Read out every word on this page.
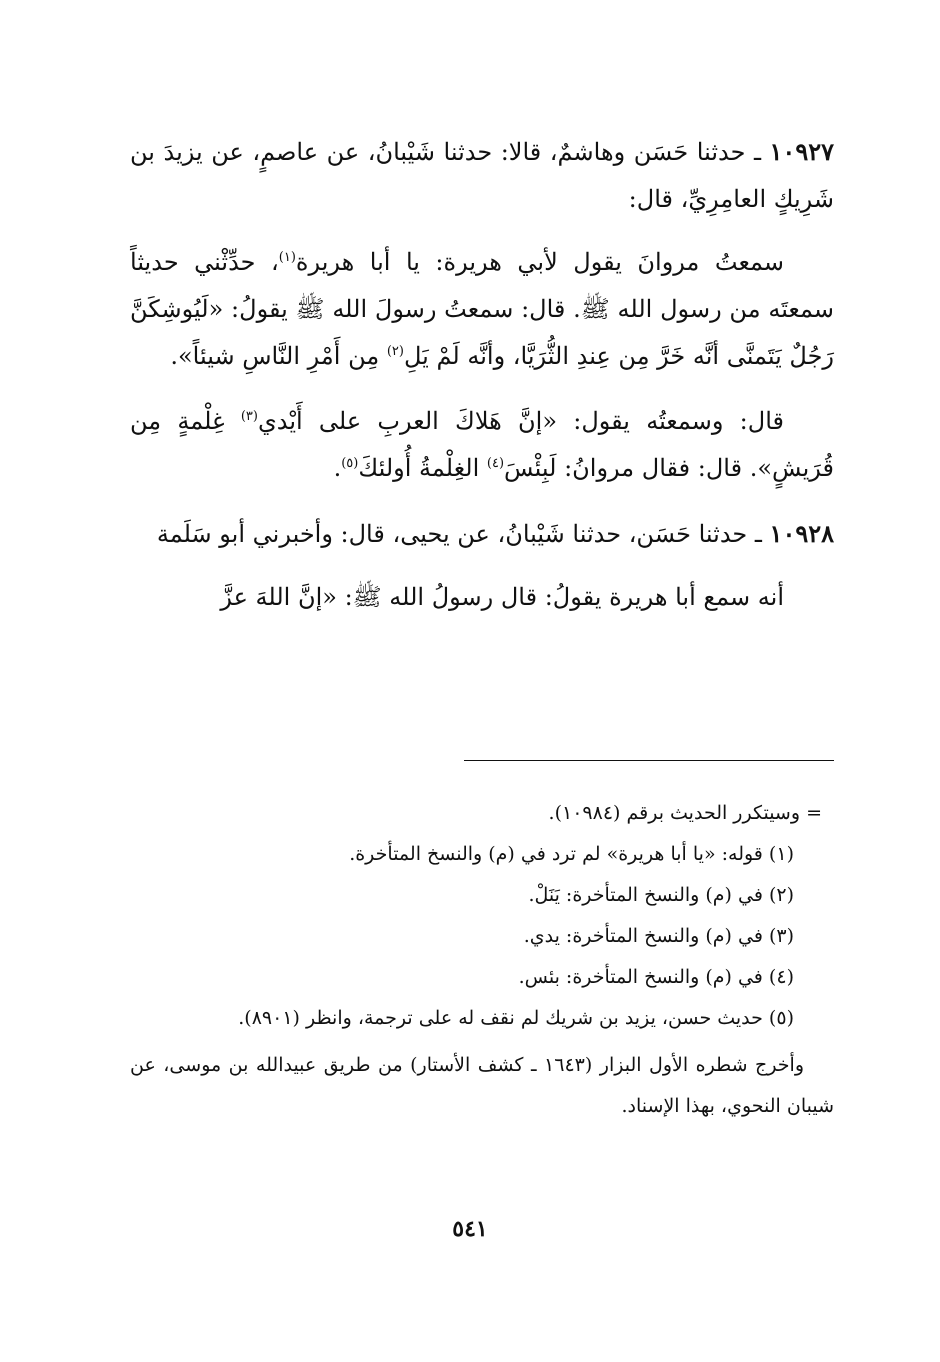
١٠٩٢٧ ـ حدثنا حَسَن وهاشمٌ، قالا: حدثنا شَيْبانُ، عن عاصمٍ، عن يزيدَ بن شَرِيكٍ العامِرِيِّ، قال:

سمعتُ مروانَ يقول لأبي هريرة: يا أبا هريرة$^{(١)}$، حدِّثْني حديثاً سمعتَه من رسول الله ﷺ. قال: سمعتُ رسولَ الله ﷺ يقولُ: «لَيُوشِكَنَّ رَجُلٌ يَتَمنَّى أنَّه خَرَّ مِن عِندِ الثُّرَيَّا، وأنَّه لَمْ يَلِ$^{(٢)}$ مِن أَمْرِ النَّاسِ شيئاً».

قال: وسمعتُه يقول: «إنَّ هَلاكَ العربِ على أَيْدي$^{(٣)}$ غِلْمةٍ مِن قُرَيشٍ». قال: فقال مروانُ: لَبِئْسَ$^{(٤)}$ الغِلْمةُ أُولئكَ$^{(٥)}$.

١٠٩٢٨ ـ حدثنا حَسَن، حدثنا شَيْبانُ، عن يحيى، قال: وأخبرني أبو سَلَمة

أنه سمع أبا هريرة يقولُ: قال رسولُ الله ﷺ: «إنَّ اللهَ عزَّ

= وسيتكرر الحديث برقم (١٠٩٨٤).

(١) قوله: «يا أبا هريرة» لم ترد في (م) والنسخ المتأخرة.

(٢) في (م) والنسخ المتأخرة: يَنَلْ.

(٣) في (م) والنسخ المتأخرة: يدي.

(٤) في (م) والنسخ المتأخرة: بئس.

(٥) حديث حسن، يزيد بن شريك لم نقف له على ترجمة، وانظر (٨٩٠١).

وأخرج شطره الأول البزار (١٦٤٣ ـ كشف الأستار) من طريق عبيدالله بن موسى، عن شيبان النحوي، بهذا الإسناد.

٥٤١
